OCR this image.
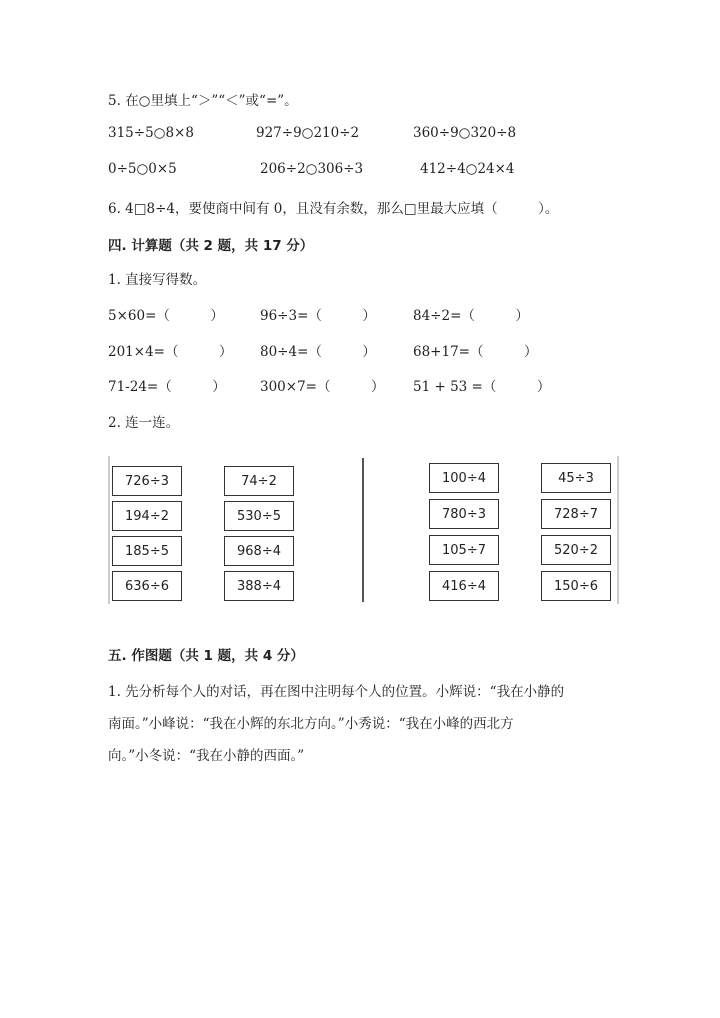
5. 在○里填上“＞”“＜”或“=”。
315÷5○8×8	927÷9○210÷2	360÷9○320÷8
0÷5○0×5	206÷2○306÷3	412÷4○24×4
6. 4□8÷4，要使商中间有 0，且没有余数，那么□里最大应填（　　　）。
四. 计算题（共 2 题，共 17 分）
1. 直接写得数。
5×60=（　　　）	96÷3=（　　　）	84÷2=（　　　）
201×4=（　　　） 80÷4=（　　　）	68+17=（　　　）
71-24=（　　　）	300×7=（　　　） 51 + 53 =（　　　）
2. 连一连。
726÷3
194÷2
185÷5
636÷6
74÷2
530÷5
968÷4
388÷4
100÷4
780÷3
105÷7
416÷4
45÷3
728÷7
520÷2
150÷6
五. 作图题（共 1 题，共 4 分）
1. 先分析每个人的对话，再在图中注明每个人的位置。小辉说：“我在小静的
南面。”小峰说：“我在小辉的东北方向。”小秀说：“我在小峰的西北方
向。”小冬说：“我在小静的西面。”
